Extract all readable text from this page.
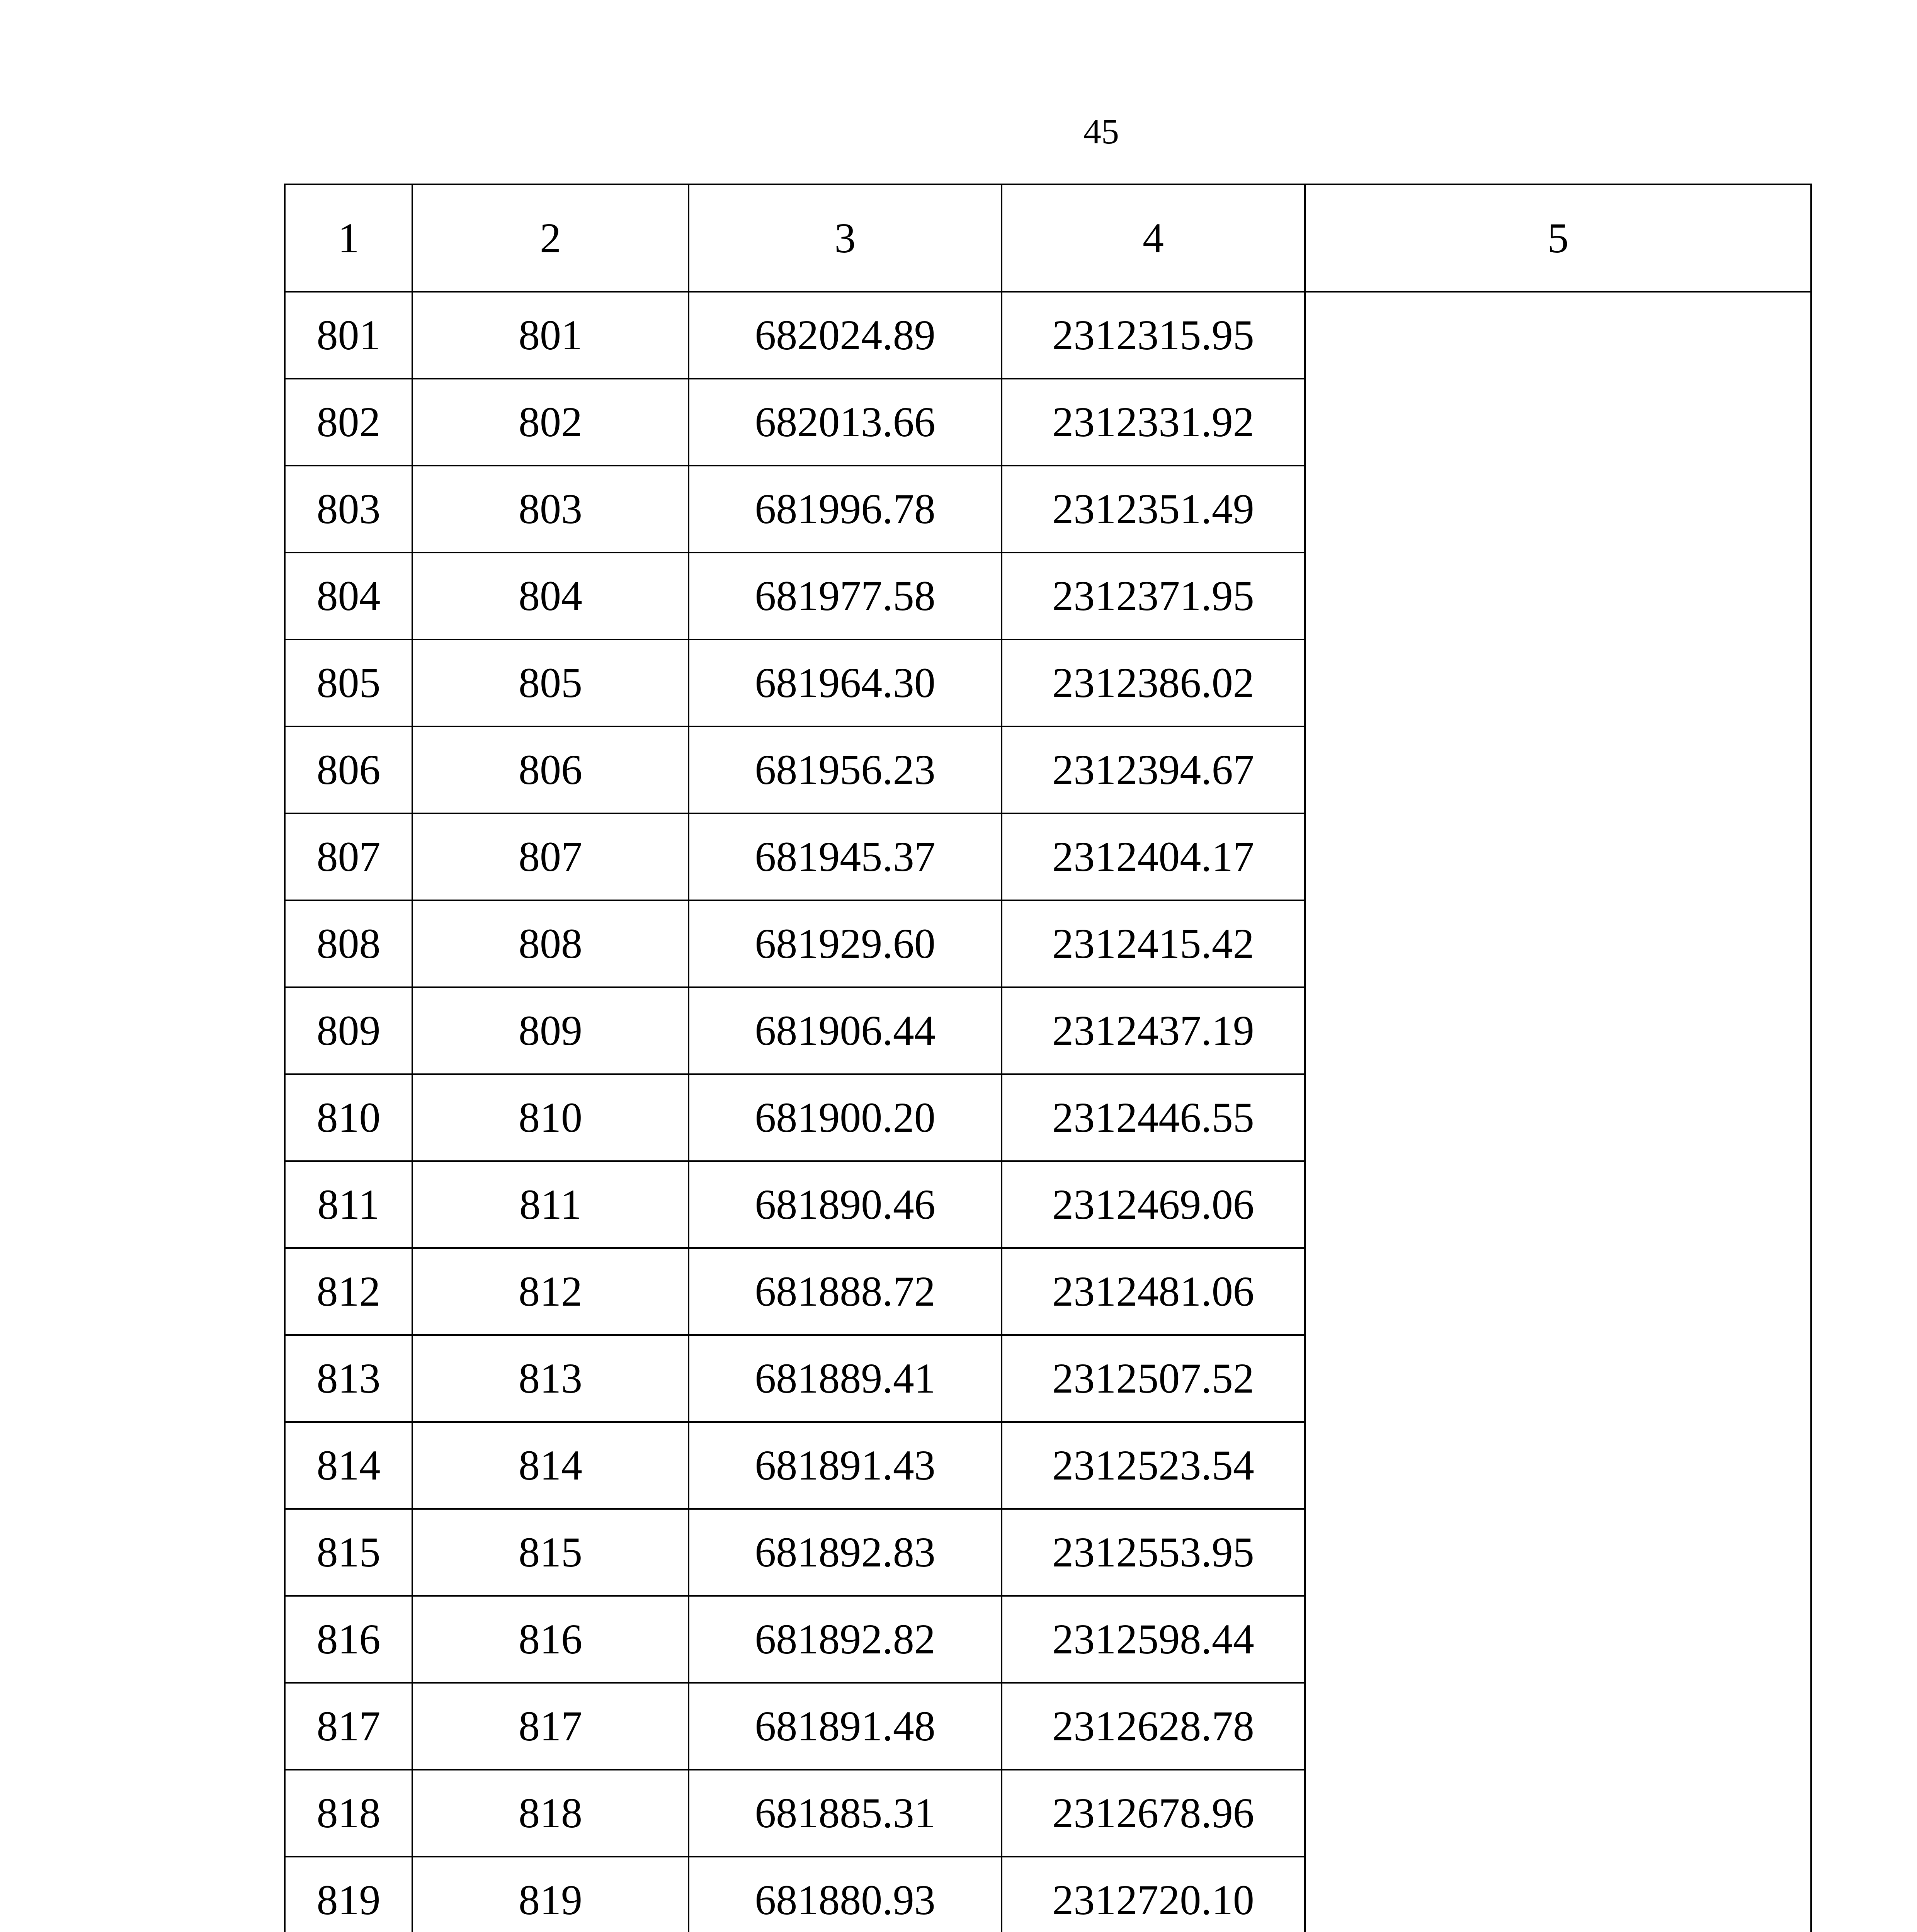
45
1	2	3	4	5
801	801	682024.89	2312315.95	
802	802	682013.66	2312331.92	
803	803	681996.78	2312351.49	
804	804	681977.58	2312371.95	
805	805	681964.30	2312386.02	
806	806	681956.23	2312394.67	
807	807	681945.37	2312404.17	
808	808	681929.60	2312415.42	
809	809	681906.44	2312437.19	
810	810	681900.20	2312446.55	
811	811	681890.46	2312469.06	
812	812	681888.72	2312481.06	
813	813	681889.41	2312507.52	
814	814	681891.43	2312523.54	
815	815	681892.83	2312553.95	
816	816	681892.82	2312598.44	
817	817	681891.48	2312628.78	
818	818	681885.31	2312678.96	
819	819	681880.93	2312720.10	
